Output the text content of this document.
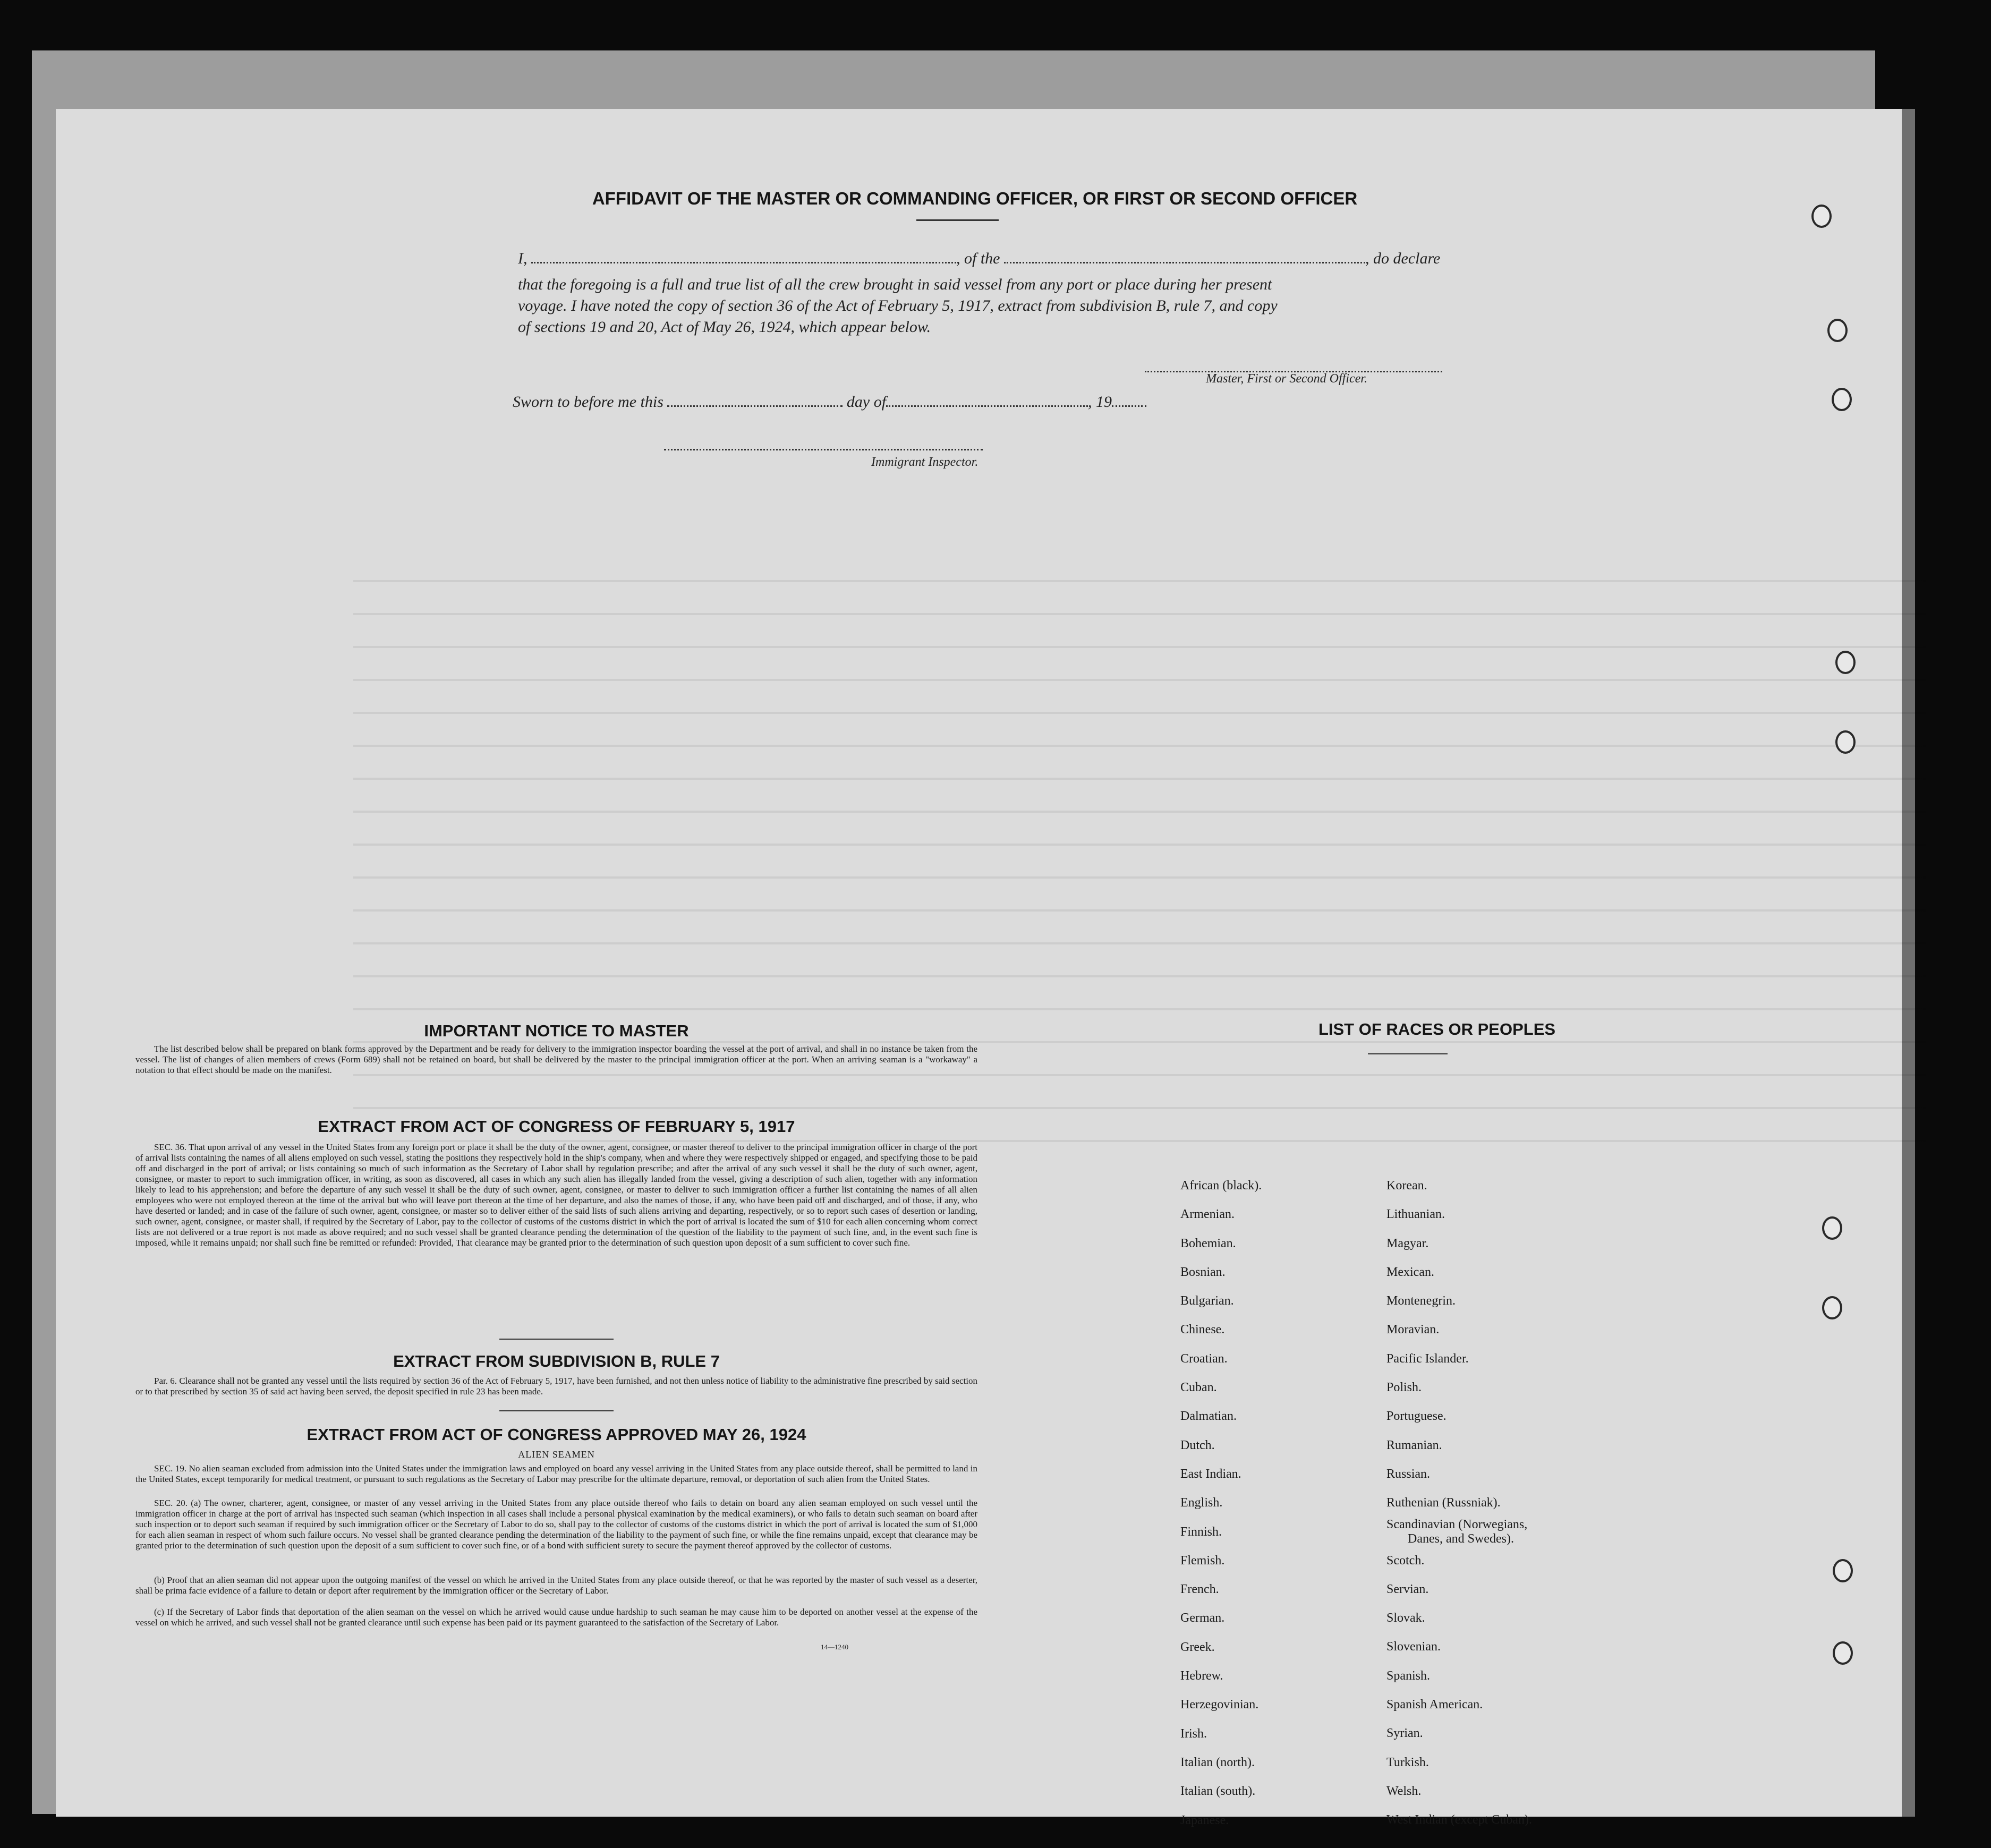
AFFIDAVIT OF THE MASTER OR COMMANDING OFFICER, OR FIRST OR SECOND OFFICER
I,	, of the	, do declare
that the foregoing is a full and true list of all the crew brought in said vessel from any port or place during her present
voyage. I have noted the copy of section 36 of the Act of February 5, 1917, extract from subdivision B, rule 7, and copy
of sections 19 and 20, Act of May 26, 1924, which appear below.
Master, First or Second Officer.
Sworn to before me this	day of	, 19
Immigrant Inspector.
IMPORTANT NOTICE TO MASTER
The list described below shall be prepared on blank forms approved by the Department and be ready for delivery to the immigration inspector boarding the vessel at the port of arrival, and shall in no instance be taken from the vessel. The list of changes of alien members of crews (Form 689) shall not be retained on board, but shall be delivered by the master to the principal immigration officer at the port. When an arriving seaman is a "workaway" a notation to that effect should be made on the manifest.
EXTRACT FROM ACT OF CONGRESS OF FEBRUARY 5, 1917
SEC. 36. That upon arrival of any vessel in the United States from any foreign port or place it shall be the duty of the owner, agent, consignee, or master thereof to deliver to the principal immigration officer in charge of the port of arrival lists containing the names of all aliens employed on such vessel, stating the positions they respectively hold in the ship's company, when and where they were respectively shipped or engaged, and specifying those to be paid off and discharged in the port of arrival; or lists containing so much of such information as the Secretary of Labor shall by regulation prescribe; and after the arrival of any such vessel it shall be the duty of such owner, agent, consignee, or master to report to such immigration officer, in writing, as soon as discovered, all cases in which any such alien has illegally landed from the vessel, giving a description of such alien, together with any information likely to lead to his apprehension; and before the departure of any such vessel it shall be the duty of such owner, agent, consignee, or master to deliver to such immigration officer a further list containing the names of all alien employees who were not employed thereon at the time of the arrival but who will leave port thereon at the time of her departure, and also the names of those, if any, who have been paid off and discharged, and of those, if any, who have deserted or landed; and in case of the failure of such owner, agent, consignee, or master so to deliver either of the said lists of such aliens arriving and departing, respectively, or so to report such cases of desertion or landing, such owner, agent, consignee, or master shall, if required by the Secretary of Labor, pay to the collector of customs of the customs district in which the port of arrival is located the sum of $10 for each alien concerning whom correct lists are not delivered or a true report is not made as above required; and no such vessel shall be granted clearance pending the determination of the question of the liability to the payment of such fine, and, in the event such fine is imposed, while it remains unpaid; nor shall such fine be remitted or refunded: Provided, That clearance may be granted prior to the determination of such question upon deposit of a sum sufficient to cover such fine.
EXTRACT FROM SUBDIVISION B, RULE 7
Par. 6. Clearance shall not be granted any vessel until the lists required by section 36 of the Act of February 5, 1917, have been furnished, and not then unless notice of liability to the administrative fine prescribed by said section or to that prescribed by section 35 of said act having been served, the deposit specified in rule 23 has been made.
EXTRACT FROM ACT OF CONGRESS APPROVED MAY 26, 1924
ALIEN SEAMEN
SEC. 19. No alien seaman excluded from admission into the United States under the immigration laws and employed on board any vessel arriving in the United States from any place outside thereof, shall be permitted to land in the United States, except temporarily for medical treatment, or pursuant to such regulations as the Secretary of Labor may prescribe for the ultimate departure, removal, or deportation of such alien from the United States.
SEC. 20. (a) The owner, charterer, agent, consignee, or master of any vessel arriving in the United States from any place outside thereof who fails to detain on board any alien seaman employed on such vessel until the immigration officer in charge at the port of arrival has inspected such seaman (which inspection in all cases shall include a personal physical examination by the medical examiners), or who fails to detain such seaman on board after such inspection or to deport such seaman if required by such immigration officer or the Secretary of Labor to do so, shall pay to the collector of customs of the customs district in which the port of arrival is located the sum of $1,000 for each alien seaman in respect of whom such failure occurs. No vessel shall be granted clearance pending the determination of the liability to the payment of such fine, or while the fine remains unpaid, except that clearance may be granted prior to the determination of such question upon the deposit of a sum sufficient to cover such fine, or of a bond with sufficient surety to secure the payment thereof approved by the collector of customs.
(b) Proof that an alien seaman did not appear upon the outgoing manifest of the vessel on which he arrived in the United States from any place outside thereof, or that he was reported by the master of such vessel as a deserter, shall be prima facie evidence of a failure to detain or deport after requirement by the immigration officer or the Secretary of Labor.
(c) If the Secretary of Labor finds that deportation of the alien seaman on the vessel on which he arrived would cause undue hardship to such seaman he may cause him to be deported on another vessel at the expense of the vessel on which he arrived, and such vessel shall not be granted clearance until such expense has been paid or its payment guaranteed to the satisfaction of the Secretary of Labor.
14—1240
LIST OF RACES OR PEOPLES
African (black).
Armenian.
Bohemian.
Bosnian.
Bulgarian.
Chinese.
Croatian.
Cuban.
Dalmatian.
Dutch.
East Indian.
English.
Finnish.
Flemish.
French.
German.
Greek.
Hebrew.
Herzegovinian.
Irish.
Italian (north).
Italian (south).
Japanese.
Korean.
Lithuanian.
Magyar.
Mexican.
Montenegrin.
Moravian.
Pacific Islander.
Polish.
Portuguese.
Rumanian.
Russian.
Ruthenian (Russniak).
Scandinavian (Norwegians,
Danes, and Swedes).
Scotch.
Servian.
Slovak.
Slovenian.
Spanish.
Spanish American.
Syrian.
Turkish.
Welsh.
West Indian (except Cuban).
